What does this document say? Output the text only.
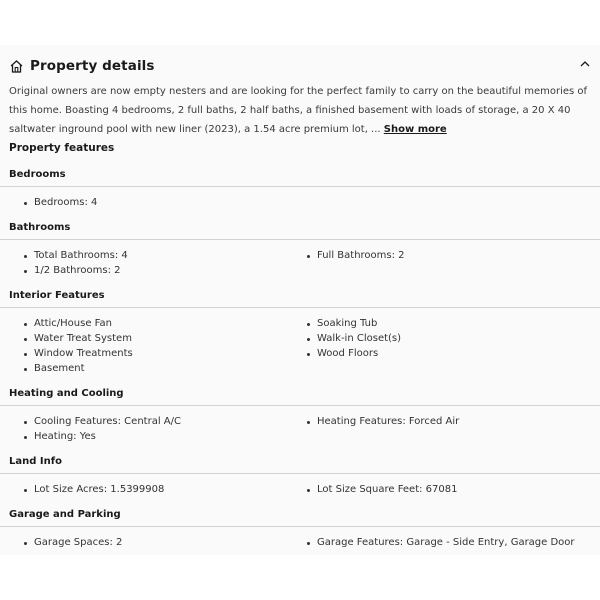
Property details
Original owners are now empty nesters and are looking for the perfect family to carry on the beautiful memories of this home. Boasting 4 bedrooms, 2 full baths, 2 half baths, a finished basement with loads of storage, a 20 X 40 saltwater inground pool with new liner (2023), a 1.54 acre premium lot, ... Show more
Property features
Bedrooms
Bedrooms: 4
Bathrooms
Total Bathrooms: 4	Full Bathrooms: 2
1/2 Bathrooms: 2
Interior Features
Attic/House Fan	Soaking Tub
Water Treat System	Walk-in Closet(s)
Window Treatments	Wood Floors
Basement
Heating and Cooling
Cooling Features: Central A/C	Heating Features: Forced Air
Heating: Yes
Land Info
Lot Size Acres: 1.5399908	Lot Size Square Feet: 67081
Garage and Parking
Garage Spaces: 2	Garage Features: Garage - Side Entry, Garage Door
